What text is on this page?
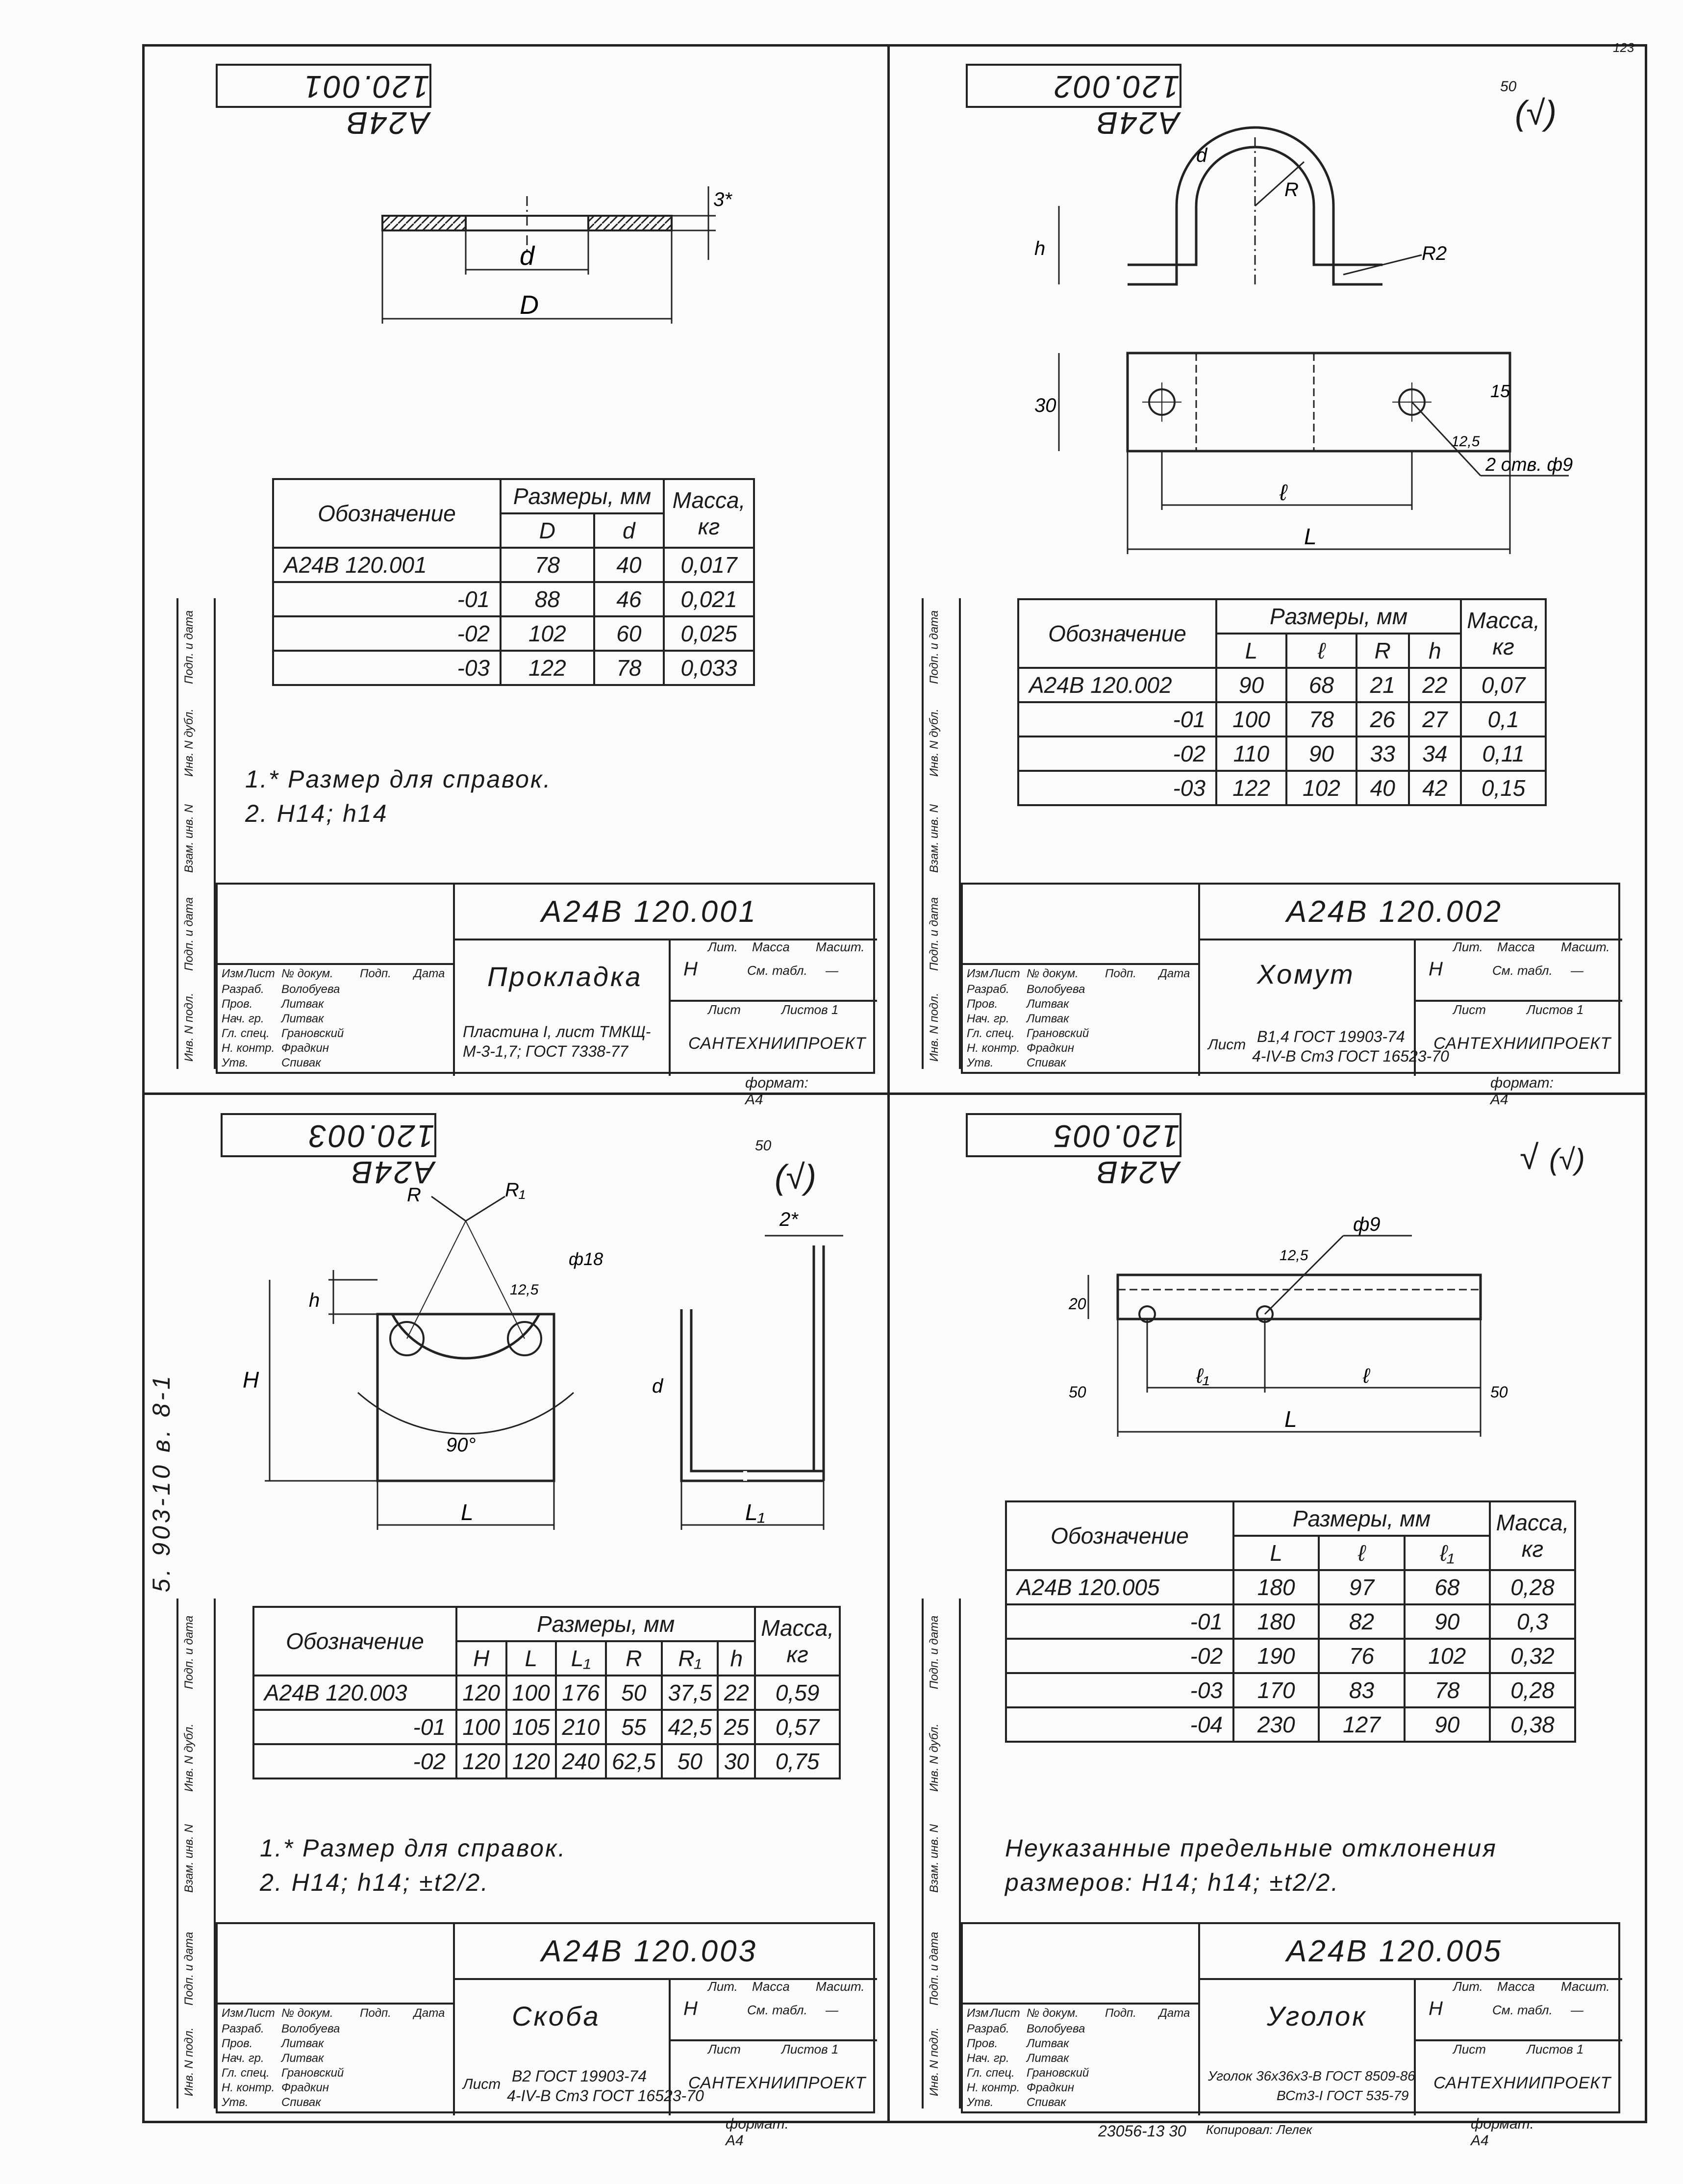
123
5. 903-10 в. 8-1
23056-13 30 Копировал: Лелек
А24В 120.001
d
D
3*
Обозначение	Размеры, мм		Масса, кг
	D	d	
А24В 120.001	78	40	0,017
-01	88	46	0,021
-02	102	60	0,025
-03	122	78	0,033
1.* Размер для справок.
2. Н14; h14
Инв. N подл.
Подп. и дата
Взам. инв. N
Инв. N дубл.
Подп. и дата
А24В 120.001
Прокладка
Пластина I, лист ТМКЩ-М-3-1,7; ГОСТ 7338-77
Лит. Масса Масшт.
Н	См. табл. —
Лист	Листов 1
САНТЕХНИИПРОЕКТ
Изм Лист № докум. Подп. Дата
Разраб. Волобуева
Пров. Литвак
Нач. гр. Литвак
Гл. спец. Грановский
Н. контр. Фрадкин
Утв.	Спивак
формат: А4
А24В 120.002	50
(√)
R
R2
d
h
30
15
12,5
2 отв. ф9
ℓ
L
Обозначение	Размеры, мм				Масса, кг
	L	ℓ	R	h	
А24В 120.002	90	68	21	22	0,07
-01	100	78	26	27	0,1
-02	110	90	33	34	0,11
-03	122	102	40	42	0,15
Инв. N подл.
Подп. и дата
Взам. инв. N
Инв. N дубл.
Подп. и дата
А24В 120.002
Хомут
Лист В1,4 ГОСТ 19903-74
4-IV-В Ст3 ГОСТ 16523-70
Лит. Масса Масшт.
Н	См. табл. —
Лист	Листов 1
САНТЕХНИИПРОЕКТ
Изм Лист № докум. Подп. Дата
Разраб. Волобуева
Пров. Литвак
Нач. гр. Литвак
Гл. спец. Грановский
Н. контр. Фрадкин
Утв.	Спивак
формат: А4
А24В 120.003	50
(√)
R	R₁
ф18
12,5
90°
h
H
L
2*
d
L₁
Обозначение	Размеры, мм						Масса, кг
	H	L	L₁	R	R₁	h	
А24В 120.003	120	100	176	50	37,5	22	0,59
-01	100	105	210	55	42,5	25	0,57
-02	120	120	240	62,5	50	30	0,75
1.* Размер для справок.
2. Н14; h14; ±t2/2.
Инв. N подл.
Подп. и дата
Взам. инв. N
Инв. N дубл.
Подп. и дата
А24В 120.003
Скоба
Лист В2 ГОСТ 19903-74
4-IV-В Ст3 ГОСТ 16523-70
Лит. Масса Масшт.
Н	См. табл. —
Лист	Листов 1
САНТЕХНИИПРОЕКТ
Изм Лист № докум. Подп. Дата
Разраб. Волобуева
Пров. Литвак
Нач. гр. Литвак
Гл. спец. Грановский
Н. контр. Фрадкин
Утв.	Спивак
формат: А4
А24В 120.005
√ (√)
ф9
12,5
20
ℓ₁	ℓ
L
50	50
Обозначение	Размеры, мм			Масса, кг
	L	ℓ	ℓ₁	
А24В 120.005	180	97	68	0,28
-01	180	82	90	0,3
-02	190	76	102	0,32
-03	170	83	78	0,28
-04	230	127	90	0,38
Неуказанные предельные отклонения
размеров: Н14; h14; ±t2/2.
Инв. N подл.
Подп. и дата
Взам. инв. N
Инв. N дубл.
Подп. и дата
А24В 120.005
Уголок
Уголок 36x36x3-В ГОСТ 8509-86
ВСт3-I ГОСТ 535-79
Лит. Масса Масшт.
Н	См. табл. —
Лист	Листов 1
САНТЕХНИИПРОЕКТ
Изм Лист № докум. Подп. Дата
Разраб. Волобуева
Пров. Литвак
Нач. гр. Литвак
Гл. спец. Грановский
Н. контр. Фрадкин
Утв.	Спивак
формат: А4
